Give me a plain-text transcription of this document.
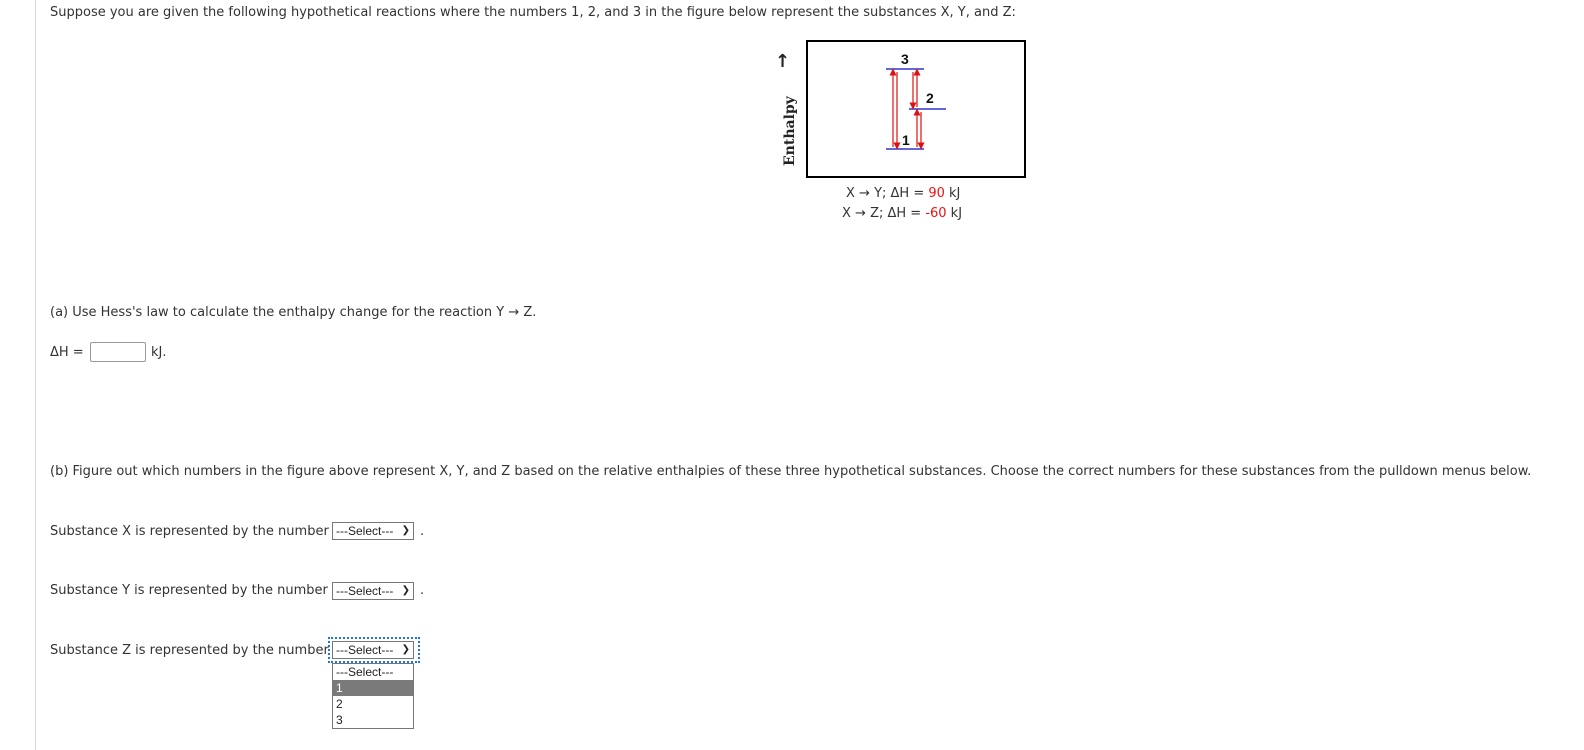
Suppose you are given the following hypothetical reactions where the numbers 1, 2, and 3 in the figure below represent the substances X, Y, and Z:
↑
Enthalpy
3
2
1
X → Y; ΔH = 90 kJ
X → Z; ΔH = -60 kJ
(a) Use Hess's law to calculate the enthalpy change for the reaction Y → Z.
ΔH =	kJ.
(b) Figure out which numbers in the figure above represent X, Y, and Z based on the relative enthalpies of these three hypothetical substances. Choose the correct numbers for these substances from the pulldown menus below.
Substance X is represented by the number ---Select--- ❯ .
Substance Y is represented by the number ---Select--- ❯ .
Substance Z is represented by the number ---Select--- ❯
---Select---
1
2
3
